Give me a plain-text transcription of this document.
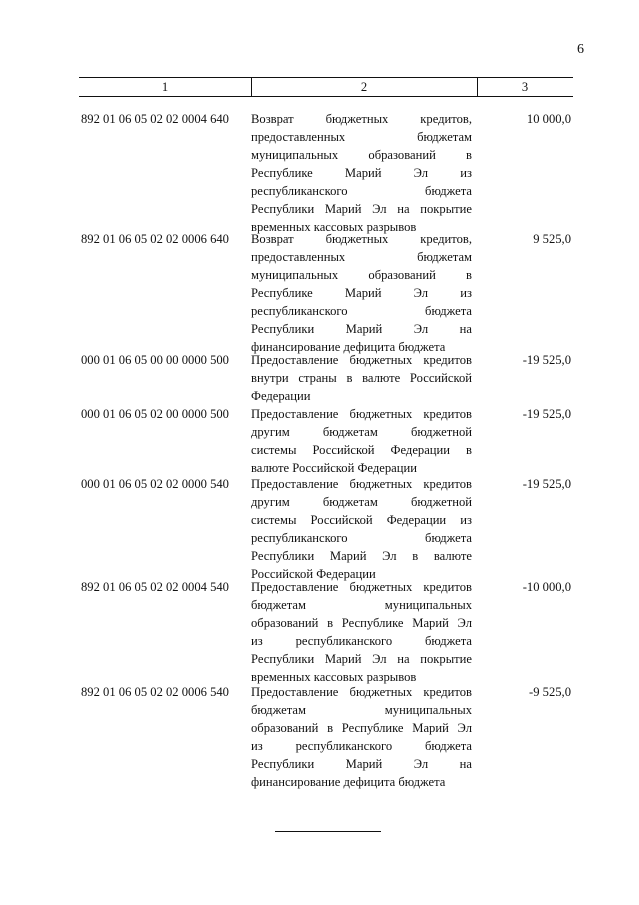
6
1	2	3
892 01 06 05 02 02 0004 640 Возврат бюджетных кредитов,
предоставленных бюджетам
муниципальных образований в
Республике Марий Эл из
республиканского бюджета
Республики Марий Эл на покрытие
временных кассовых разрывов
10 000,0
892 01 06 05 02 02 0006 640 Возврат бюджетных кредитов,
предоставленных бюджетам
муниципальных образований в
Республике Марий Эл из
республиканского бюджета
Республики Марий Эл на
финансирование дефицита бюджета
9 525,0
000 01 06 05 00 00 0000 500 Предоставление бюджетных кредитов
внутри страны в валюте Российской
Федерации
-19 525,0
000 01 06 05 02 00 0000 500 Предоставление бюджетных кредитов
другим бюджетам бюджетной
системы Российской Федерации в
валюте Российской Федерации
-19 525,0
000 01 06 05 02 02 0000 540 Предоставление бюджетных кредитов
другим бюджетам бюджетной
системы Российской Федерации из
республиканского бюджета
Республики Марий Эл в валюте
Российской Федерации
-19 525,0
892 01 06 05 02 02 0004 540 Предоставление бюджетных кредитов
бюджетам муниципальных
образований в Республике Марий Эл
из республиканского бюджета
Республики Марий Эл на покрытие
временных кассовых разрывов
-10 000,0
892 01 06 05 02 02 0006 540 Предоставление бюджетных кредитов
бюджетам муниципальных
образований в Республике Марий Эл
из республиканского бюджета
Республики Марий Эл на
финансирование дефицита бюджета
-9 525,0
